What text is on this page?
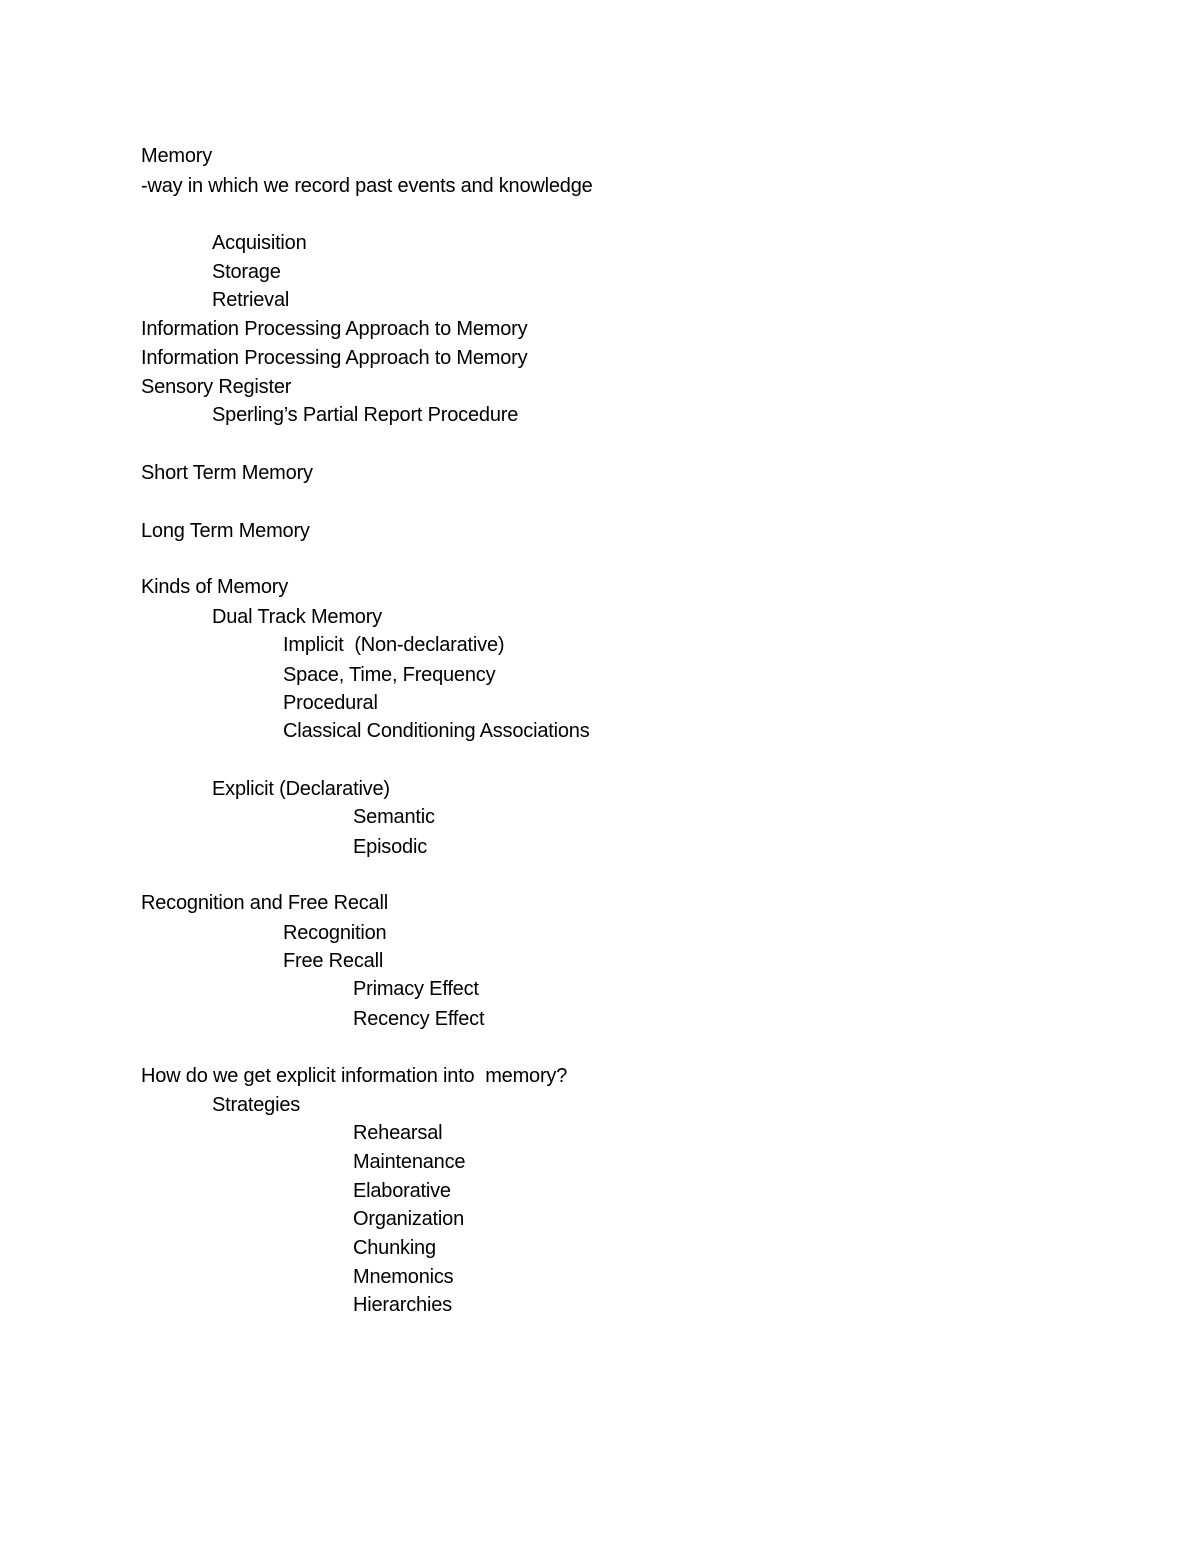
Memory
-way in which we record past events and knowledge
Acquisition
Storage
Retrieval
Information Processing Approach to Memory
Information Processing Approach to Memory
Sensory Register
Sperling’s Partial Report Procedure
Short Term Memory
Long Term Memory
Kinds of Memory
Dual Track Memory
Implicit  (Non-declarative)
Space, Time, Frequency
Procedural
Classical Conditioning Associations
Explicit (Declarative)
Semantic
Episodic
Recognition and Free Recall
Recognition
Free Recall
Primacy Effect
Recency Effect
How do we get explicit information into  memory?
Strategies
Rehearsal
Maintenance
Elaborative
Organization
Chunking
Mnemonics
Hierarchies
